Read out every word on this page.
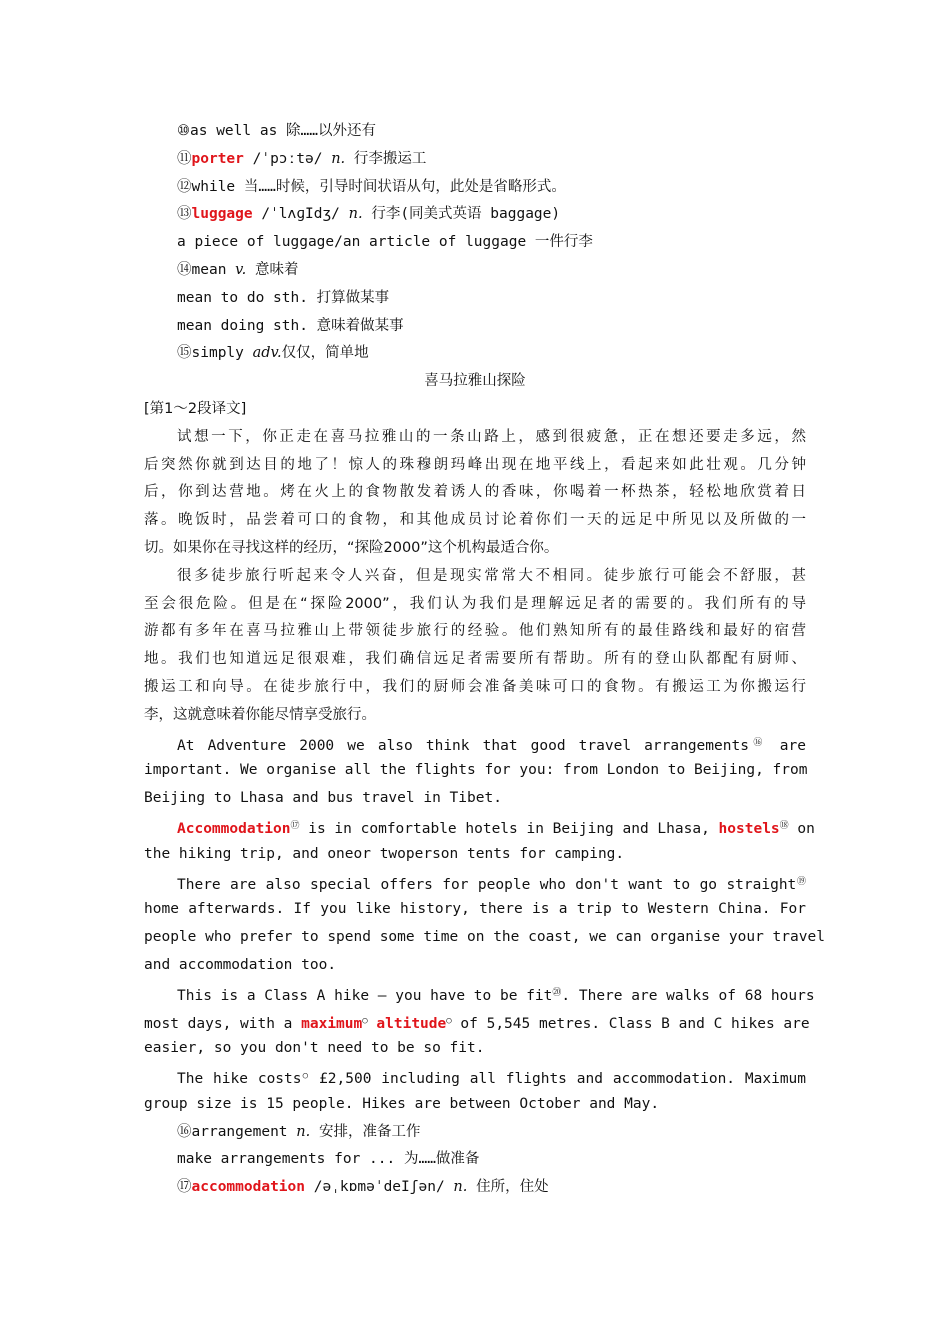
⑩as well as 除……以外还有
⑪porter /ˈpɔːtə/ n. 行李搬运工
⑫while 当……时候，引导时间状语从句，此处是省略形式。
⑬luggage /ˈlʌɡIdʒ/ n. 行李(同美式英语 baggage)
a piece of luggage/an article of luggage 一件行李
⑭mean v. 意味着
mean to do sth. 打算做某事
mean doing sth. 意味着做某事
⑮simply adv.仅仅，简单地
喜马拉雅山探险
[第1～2段译文]
试想一下，你正走在喜马拉雅山的一条山路上，感到很疲惫，正在想还要走多远，然
后突然你就到达目的地了！惊人的珠穆朗玛峰出现在地平线上，看起来如此壮观。几分钟
后，你到达营地。烤在火上的食物散发着诱人的香味，你喝着一杯热茶，轻松地欣赏着日
落。晚饭时，品尝着可口的食物，和其他成员讨论着你们一天的远足中所见以及所做的一
切。如果你在寻找这样的经历，“探险2000”这个机构最适合你。
很多徒步旅行听起来令人兴奋，但是现实常常大不相同。徒步旅行可能会不舒服，甚
至会很危险。但是在“探险2000”，我们认为我们是理解远足者的需要的。我们所有的导
游都有多年在喜马拉雅山上带领徒步旅行的经验。他们熟知所有的最佳路线和最好的宿营
地。我们也知道远足很艰难，我们确信远足者需要所有帮助。所有的登山队都配有厨师、
搬运工和向导。在徒步旅行中，我们的厨师会准备美味可口的食物。有搬运工为你搬运行
李，这就意味着你能尽情享受旅行。
At Adventure 2000 we also think that good travel arrangements⑯ are
important. We organise all the flights for you: from London to Beijing, from
Beijing to Lhasa and bus travel in Tibet.
Accommodation⑰ is in comfortable hotels in Beijing and Lhasa, hostels⑱ on
the hiking trip, and oneor twoperson tents for camping.
There are also special offers for people who don't want to go straight⑲
home afterwards. If you like history, there is a trip to Western China. For
people who prefer to spend some time on the coast, we can organise your travel
and accommodation too.
This is a Class A hike — you have to be fit⑳. There are walks of 68 hours
most days, with a maximum○ altitude○ of 5,545 metres. Class B and C hikes are
easier, so you don't need to be so fit.
The hike costs○ £2,500 including all flights and accommodation. Maximum
group size is 15 people. Hikes are between October and May.
⑯arrangement n. 安排，准备工作
make arrangements for ... 为……做准备
⑰accommodation /əˌkɒməˈdeIʃən/ n. 住所，住处
